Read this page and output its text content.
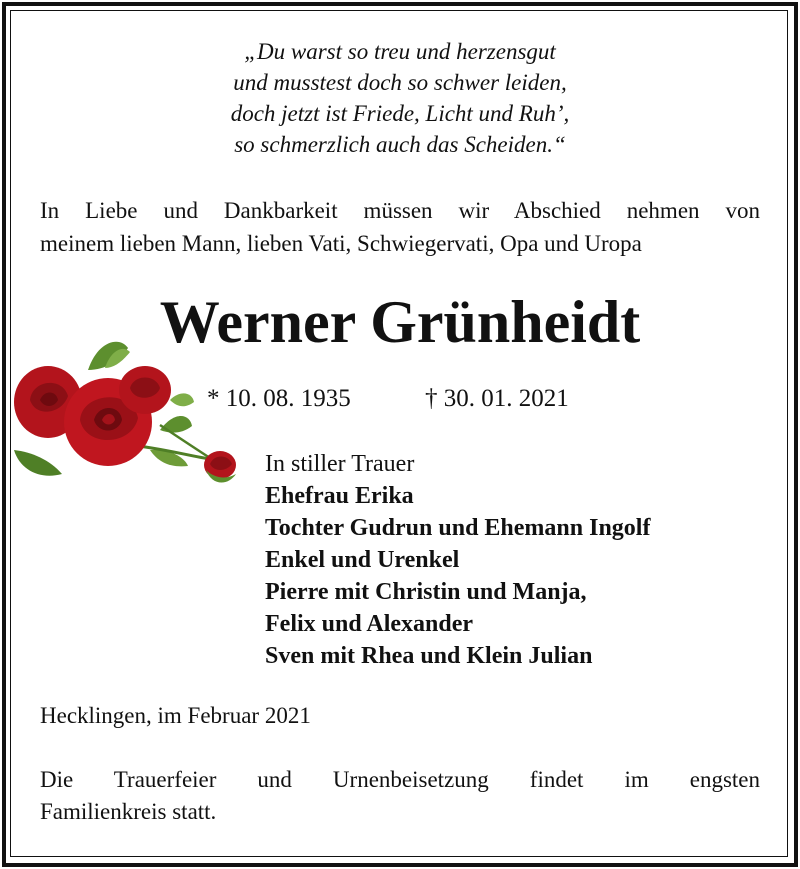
„Du warst so treu und herzensgut
und musstest doch so schwer leiden,
doch jetzt ist Friede, Licht und Ruh’,
so schmerzlich auch das Scheiden.“
In Liebe und Dankbarkeit müssen wir Abschied nehmen von
meinem lieben Mann, lieben Vati, Schwiegervati, Opa und Uropa
Werner Grünheidt
* 10. 08. 1935	† 30. 01. 2021
In stiller Trauer
Ehefrau Erika
Tochter Gudrun und Ehemann Ingolf
Enkel und Urenkel
Pierre mit Christin und Manja,
Felix und Alexander
Sven mit Rhea und Klein Julian
Hecklingen, im Februar 2021
Die Trauerfeier und Urnenbeisetzung findet im engsten
Familienkreis statt.
